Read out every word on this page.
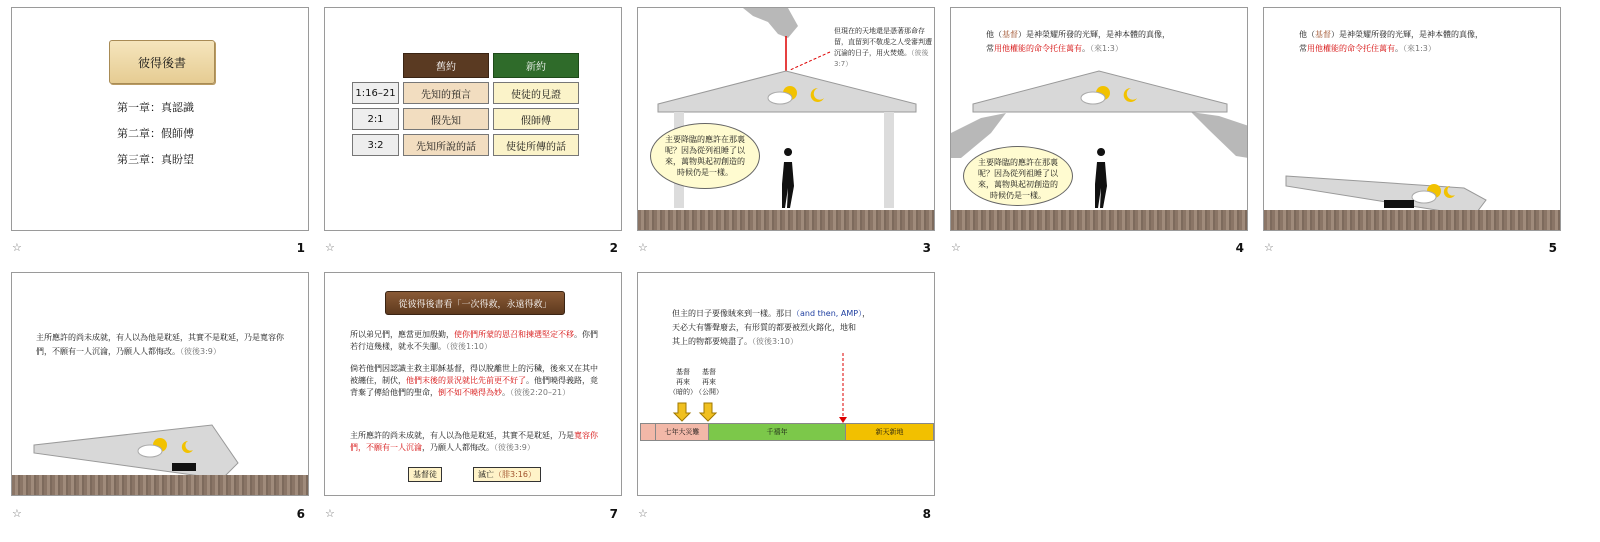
彼得後書
第一章：真認識
第二章：假師傅
第三章：真盼望
☆	1
舊約	新約
1:16–21	先知的預言	使徒的見證
2:1	假先知	假師傅
3:2	先知所說的話	使徒所傳的話
☆	2
但現在的天地還是憑著那命存留，直留到不敬虔之人受審判遭沉淪的日子，用火焚燒。（彼後3:7）
主要降臨的應許在那裏呢？因為從列祖睡了以來，萬物與起初創造的時候仍是一樣。
☆	3
他（基督）是神榮耀所發的光輝，是神本體的真像，
常用他權能的命令托住萬有。（來1:3）
主要降臨的應許在那裏呢？因為從列祖睡了以來，萬物與起初創造的時候仍是一樣。
☆	4
他（基督）是神榮耀所發的光輝，是神本體的真像，
常用他權能的命令托住萬有。（來1:3）
☆	5
主所應許的尚未成就，有人以為他是耽延，其實不是耽延，乃是寬容你們，不願有一人沉淪，乃願人人都悔改。（彼後3:9）
☆	6
從彼得後書看「一次得救，永遠得救」
所以弟兄們，應當更加殷勤，使你們所蒙的恩召和揀選堅定不移。你們若行這幾樣，就永不失腳。（彼後1:10）
倘若他們因認識主救主耶穌基督，得以脫離世上的污穢，後來又在其中被纏住，制伏，他們末後的景況就比先前更不好了。他們曉得義路，竟背棄了傳給他們的聖命，倒不如不曉得為妙。（彼後2:20–21）
主所應許的尚未成就，有人以為他是耽延，其實不是耽延，乃是寬容你們，不願有一人沉淪，乃願人人都悔改。（彼後3:9）
基督徒	滅亡（腓3:16）
☆	7
但主的日子要像賊來到一樣。那日（and then, AMP），
天必大有響聲廢去，有形質的都要被烈火鎔化，地和
其上的物都要燒盡了。（彼後3:10）
基督
再來
（暗的）
基督
再來
（公開）
七年大災難	千禧年	新天新地
☆	8
